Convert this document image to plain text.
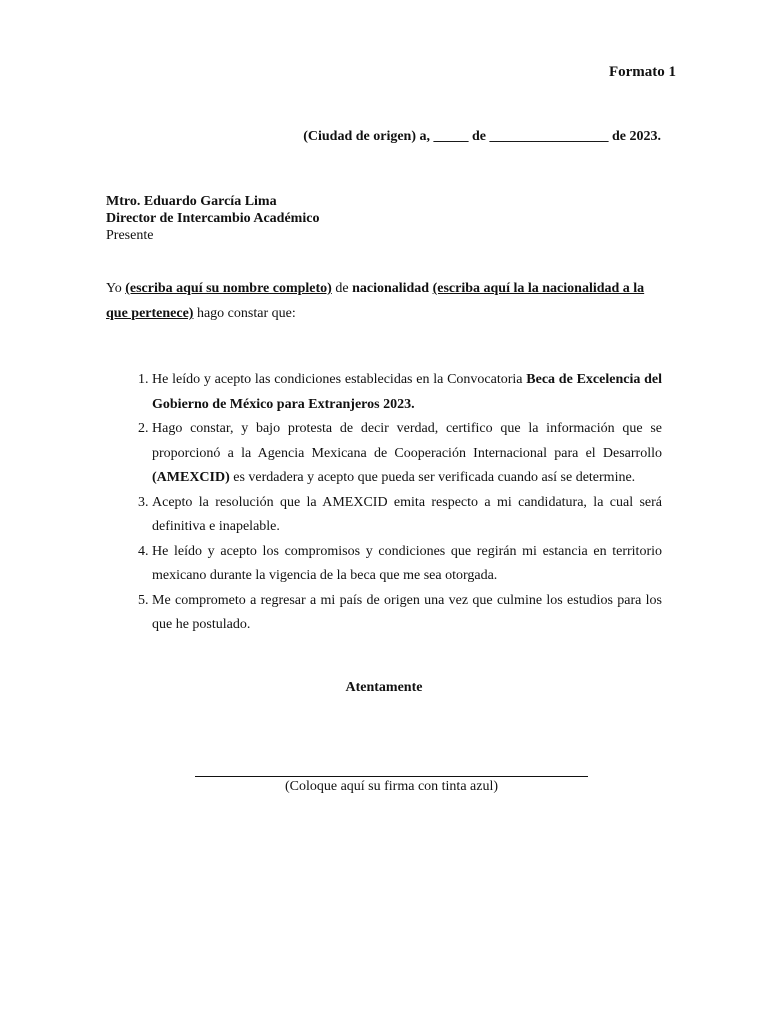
Formato 1
(Ciudad de origen) a, _____ de _________________ de 2023.
Mtro. Eduardo García Lima
Director de Intercambio Académico
Presente
Yo (escriba aquí su nombre completo) de nacionalidad (escriba aquí la la nacionalidad a la
que pertenece) hago constar que:
1. He leído y acepto las condiciones establecidas en la Convocatoria Beca de Excelencia del Gobierno de México para Extranjeros 2023.
2. Hago constar, y bajo protesta de decir verdad, certifico que la información que se proporcionó a la Agencia Mexicana de Cooperación Internacional para el Desarrollo (AMEXCID) es verdadera y acepto que pueda ser verificada cuando así se determine.
3. Acepto la resolución que la AMEXCID emita respecto a mi candidatura, la cual será definitiva e inapelable.
4. He leído y acepto los compromisos y condiciones que regirán mi estancia en territorio mexicano durante la vigencia de la beca que me sea otorgada.
5. Me comprometo a regresar a mi país de origen una vez que culmine los estudios para los que he postulado.
Atentamente
(Coloque aquí su firma con tinta azul)
